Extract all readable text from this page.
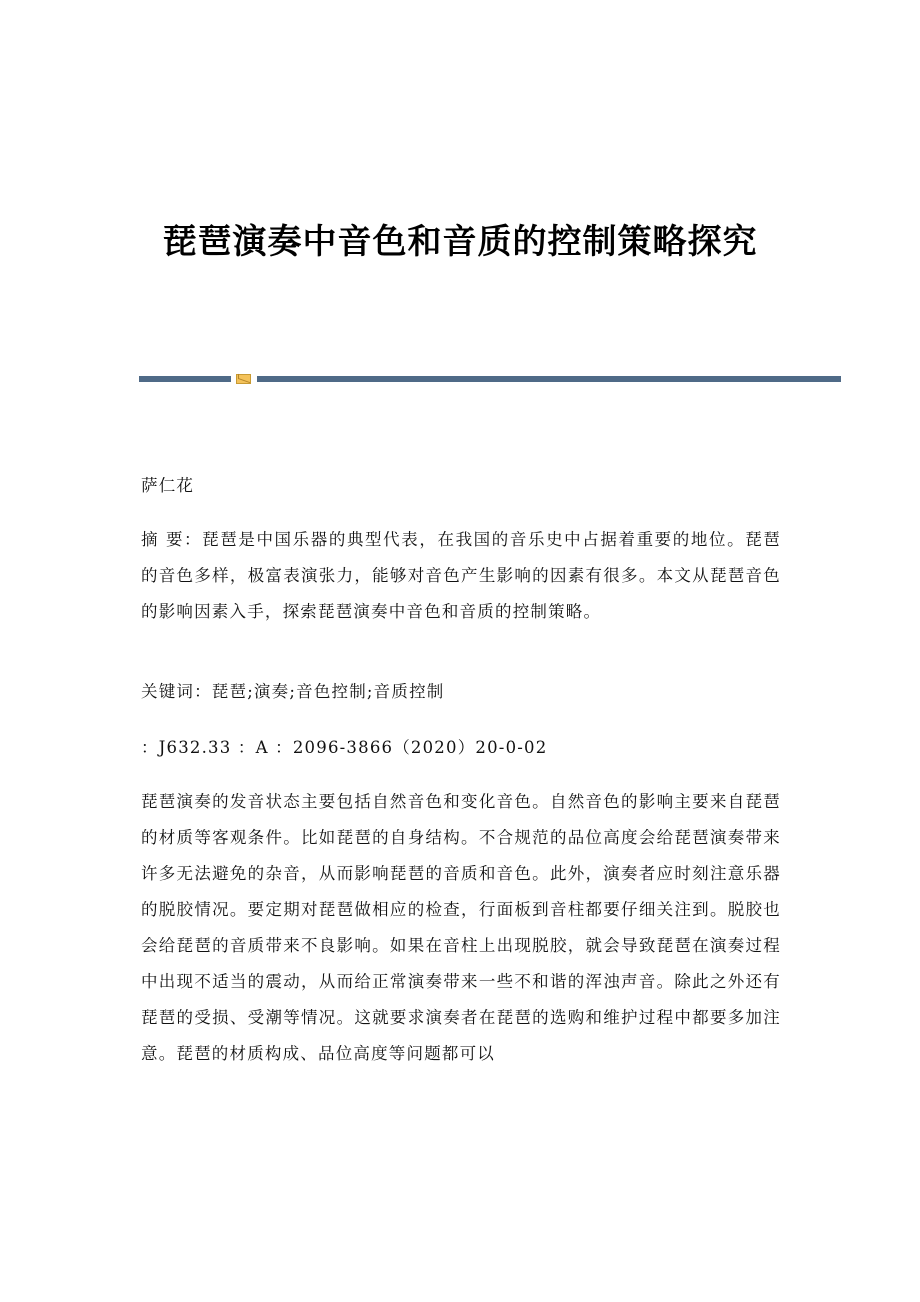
琵琶演奏中音色和音质的控制策略探究

萨仁花

摘 要：琵琶是中国乐器的典型代表，在我国的音乐史中占据着重要的地位。琵琶的音色多样，极富表演张力，能够对音色产生影响的因素有很多。本文从琵琶音色的影响因素入手，探索琵琶演奏中音色和音质的控制策略。

关键词：琵琶;演奏;音色控制;音质控制

：J632.33 ：A ：2096-3866（2020）20-0-02

琵琶演奏的发音状态主要包括自然音色和变化音色。自然音色的影响主要来自琵琶的材质等客观条件。比如琵琶的自身结构。不合规范的品位高度会给琵琶演奏带来许多无法避免的杂音，从而影响琵琶的音质和音色。此外，演奏者应时刻注意乐器的脱胶情况。要定期对琵琶做相应的检查，行面板到音柱都要仔细关注到。脱胶也会给琵琶的音质带来不良影响。如果在音柱上出现脱胶，就会导致琵琶在演奏过程中出现不适当的震动，从而给正常演奏带来一些不和谐的浑浊声音。除此之外还有琵琶的受损、受潮等情况。这就要求演奏者在琵琶的选购和维护过程中都要多加注意。琵琶的材质构成、品位高度等问题都可以
